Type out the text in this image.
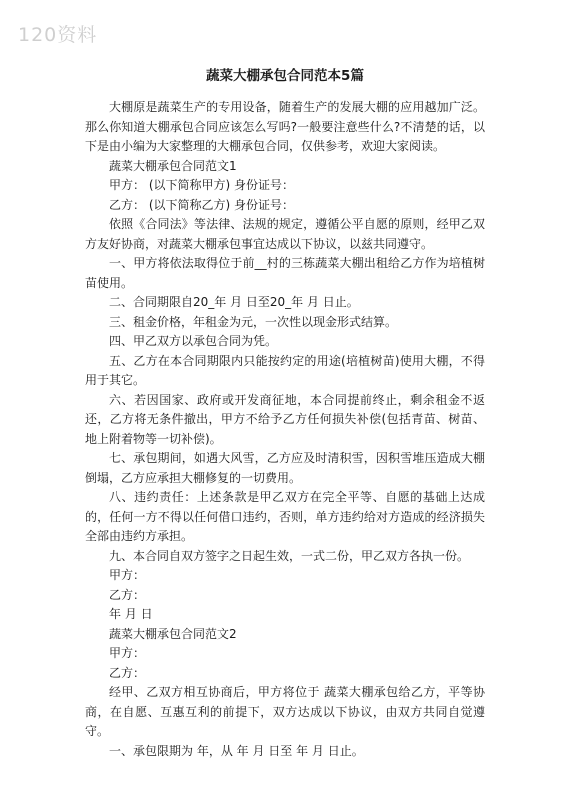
120资料
蔬菜大棚承包合同范本5篇

大棚原是蔬菜生产的专用设备，随着生产的发展大棚的应用越加广泛。那么你知道大棚承包合同应该怎么写吗?一般要注意些什么?不清楚的话，以下是由小编为大家整理的大棚承包合同，仅供参考，欢迎大家阅读。

蔬菜大棚承包合同范文1

甲方： (以下简称甲方) 身份证号：

乙方： (以下简称乙方) 身份证号：

依照《合同法》等法律、法规的规定，遵循公平自愿的原则，经甲乙双方友好协商，对蔬菜大棚承包事宜达成以下协议，以兹共同遵守。

一、甲方将依法取得位于前__村的三栋蔬菜大棚出租给乙方作为培植树苗使用。

二、合同期限自20_年 月 日至20_年 月 日止。

三、租金价格，年租金为元，一次性以现金形式结算。

四、甲乙双方以承包合同为凭。

五、乙方在本合同期限内只能按约定的用途(培植树苗)使用大棚，不得用于其它。

六、若因国家、政府或开发商征地，本合同提前终止，剩余租金不返还，乙方将无条件撤出，甲方不给予乙方任何损失补偿(包括青苗、树苗、地上附着物等一切补偿)。

七、承包期间，如遇大风雪，乙方应及时清积雪，因积雪堆压造成大棚倒塌，乙方应承担大棚修复的一切费用。

八、违约责任：上述条款是甲乙双方在完全平等、自愿的基础上达成的，任何一方不得以任何借口违约，否则，单方违约给对方造成的经济损失全部由违约方承担。

九、本合同自双方签字之日起生效，一式二份，甲乙双方各执一份。

甲方：

乙方：

年 月 日

蔬菜大棚承包合同范文2

甲方：

乙方：

经甲、乙双方相互协商后，甲方将位于 蔬菜大棚承包给乙方，平等协商，在自愿、互惠互利的前提下，双方达成以下协议，由双方共同自觉遵守。

一、承包限期为 年，从 年 月 日至 年 月 日止。
